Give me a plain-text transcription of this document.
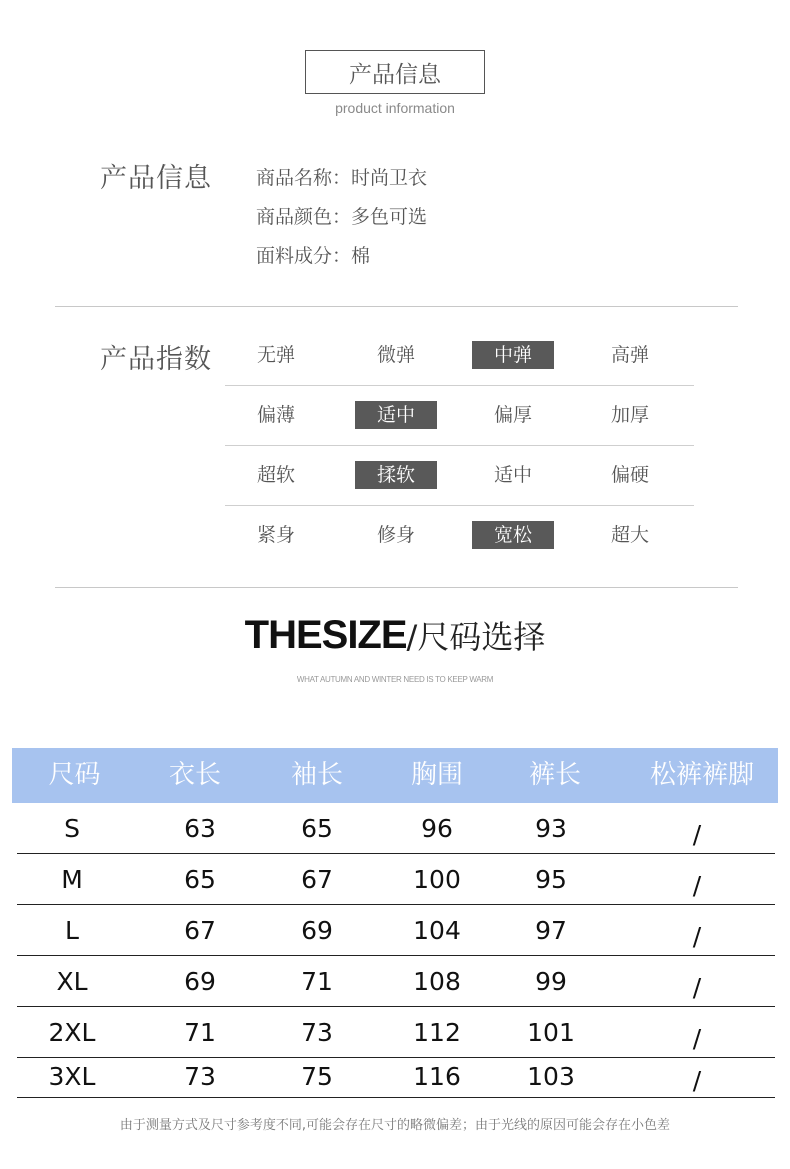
产品信息
product information
产品信息 商品名称：时尚卫衣
商品颜色：多色可选
面料成分：棉
产品指数	无弹	微弹	中弹	高弹
偏薄	适中	偏厚	加厚
超软	揉软	适中	偏硬
紧身	修身	宽松	超大
THESIZE/尺码选择
WHAT AUTUMN AND WINTER NEED IS TO KEEP WARM
尺码	衣长	袖长	胸围	裤长	松裤裤脚
S	63	65	96	93	/
M	65	67	100	95	/
L	67	69	104	97	/
XL	69	71	108	99	/
2XL	71	73	112	101	/
3XL	73	75	116	103	/
由于测量方式及尺寸参考度不同,可能会存在尺寸的略微偏差；由于光线的原因可能会存在小色差
